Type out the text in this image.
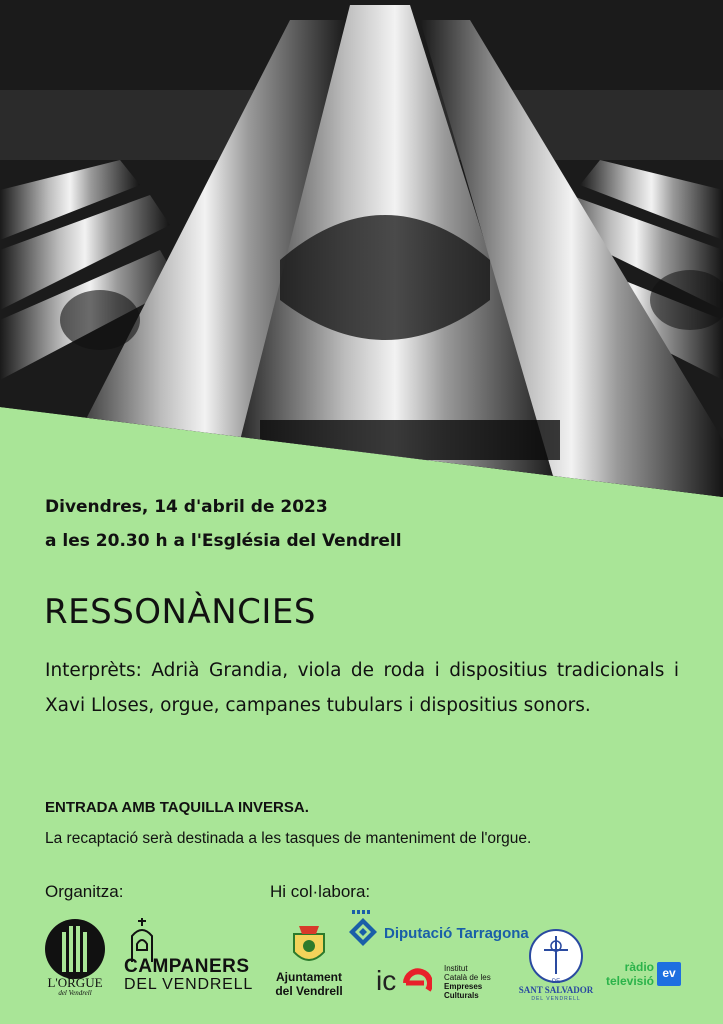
Divendres, 14 d'abril de 2023
a les 20.30 h a l'Església del Vendrell
RESSONÀNCIES
Interprèts: Adrià Grandia, viola de roda i dispositius tradicionals i Xavi Lloses, orgue, campanes tubulars i dispositius sonors.
ENTRADA AMB TAQUILLA INVERSA.
La recaptació serà destinada a les tasques de manteniment de l'orgue.
Organitza:	Hi col·labora:
L'ORGUE
del Vendrell
CAMPANERS
DEL VENDRELL	Ajuntament
del Vendrell
Diputació Tarragona
ic	Institut
Català de les
Empreses
Culturals
DE
SANT SALVADOR
DEL VENDRELL
ràdio
televisió
ev
